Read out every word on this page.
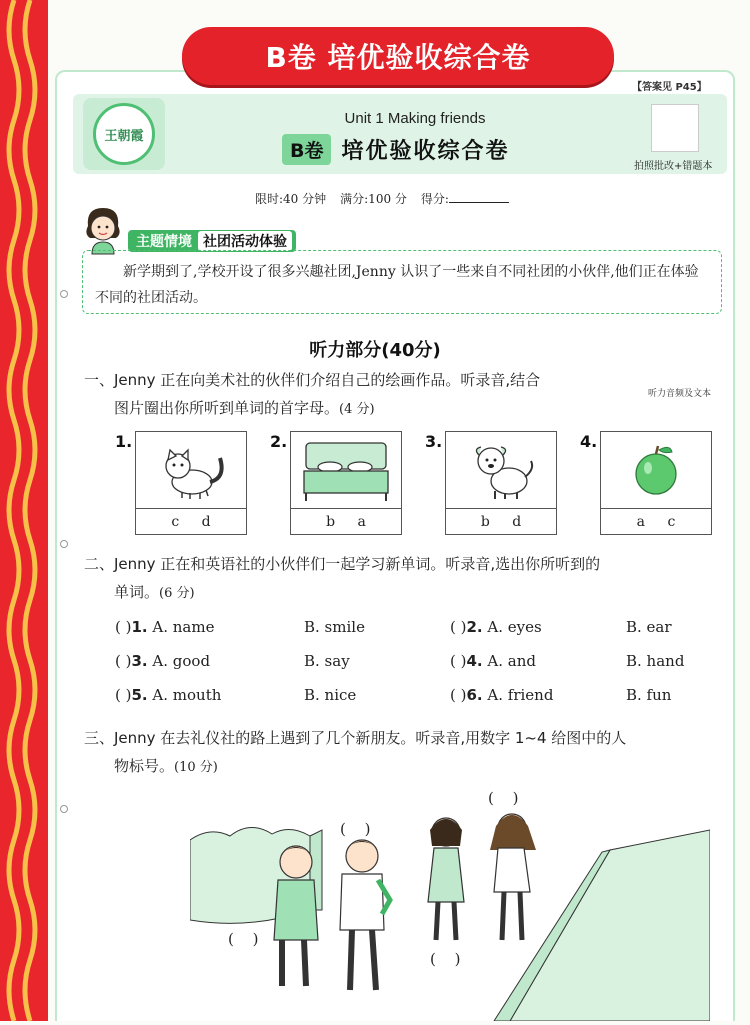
B卷 培优验收综合卷
【答案见 P45】
王朝霞
Unit 1 Making friends
B卷 培优验收综合卷
拍照批改+错题本
限时:40 分钟 满分:100 分 得分:
主题情境 社团活动体验
新学期到了,学校开设了很多兴趣社团,Jenny 认识了一些来自不同社团的小伙伴,他们正在体验不同的社团活动。
听力部分(40分)
一、Jenny 正在向美术社的伙伴们介绍自己的绘画作品。听录音,结合
图片圈出你所听到单词的首字母。(4 分)
听力音频及文本
1.
c d
2.
b a
3.
b d
4.
a c
二、Jenny 正在和英语社的小伙伴们一起学习新单词。听录音,选出你所听到的
单词。(6 分)
( )1. A. name	B. smile	( )2. A. eyes	B. ear
( )3. A. good	B. say	( )4. A. and	B. hand
( )5. A. mouth	B. nice	( )6. A. friend	B. fun
三、Jenny 在去礼仪社的路上遇到了几个新朋友。听录音,用数字 1~4 给图中的人
物标号。(10 分)
( )
( )
( )
( )
